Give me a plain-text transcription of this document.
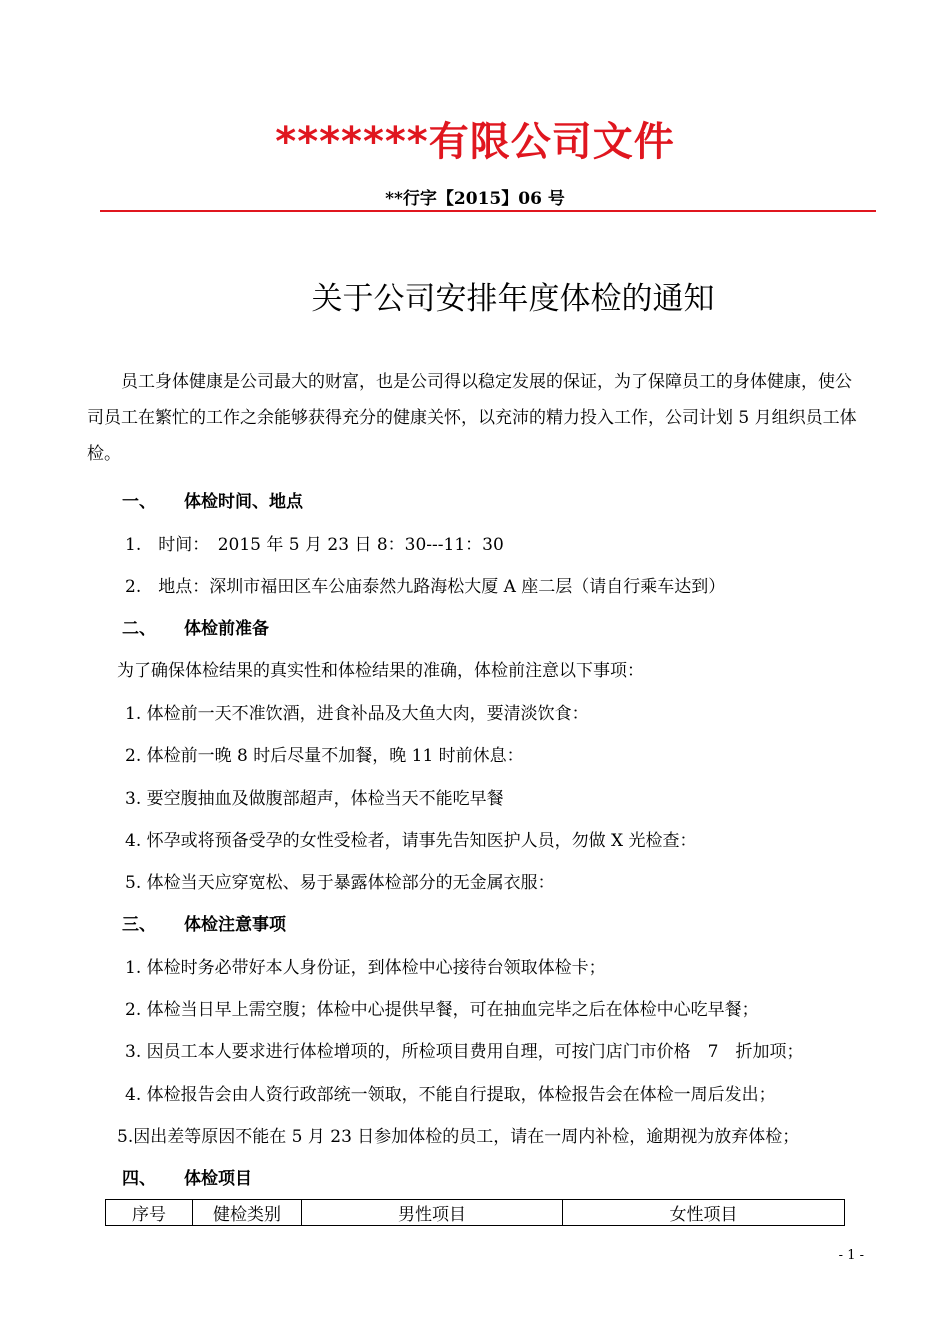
*******有限公司文件
**行字【2015】06 号
关于公司安排年度体检的通知
员工身体健康是公司最大的财富，也是公司得以稳定发展的保证，为了保障员工的身体健康，使公司员工在繁忙的工作之余能够获得充分的健康关怀，以充沛的精力投入工作，公司计划 5 月组织员工体检。
一、 体检时间、地点
1.　时间：　2015 年 5 月 23 日 8：30---11：30
2.　地点：深圳市福田区车公庙泰然九路海松大厦 A 座二层（请自行乘车达到）
二、 体检前准备
为了确保体检结果的真实性和体检结果的准确，体检前注意以下事项：
1. 体检前一天不准饮酒，进食补品及大鱼大肉，要清淡饮食：
2. 体检前一晚 8 时后尽量不加餐，晚 11 时前休息：
3. 要空腹抽血及做腹部超声，体检当天不能吃早餐
4. 怀孕或将预备受孕的女性受检者，请事先告知医护人员，勿做 X 光检查：
5. 体检当天应穿宽松、易于暴露体检部分的无金属衣服：
三、 体检注意事项
1. 体检时务必带好本人身份证，到体检中心接待台领取体检卡；
2. 体检当日早上需空腹；体检中心提供早餐，可在抽血完毕之后在体检中心吃早餐；
3. 因员工本人要求进行体检增项的，所检项目费用自理，可按门店门市价格　7　折加项；
4. 体检报告会由人资行政部统一领取，不能自行提取，体检报告会在体检一周后发出；
5.因出差等原因不能在 5 月 23 日参加体检的员工，请在一周内补检，逾期视为放弃体检；
四、 体检项目
序号	健检类别	男性项目	女性项目
- 1 -
